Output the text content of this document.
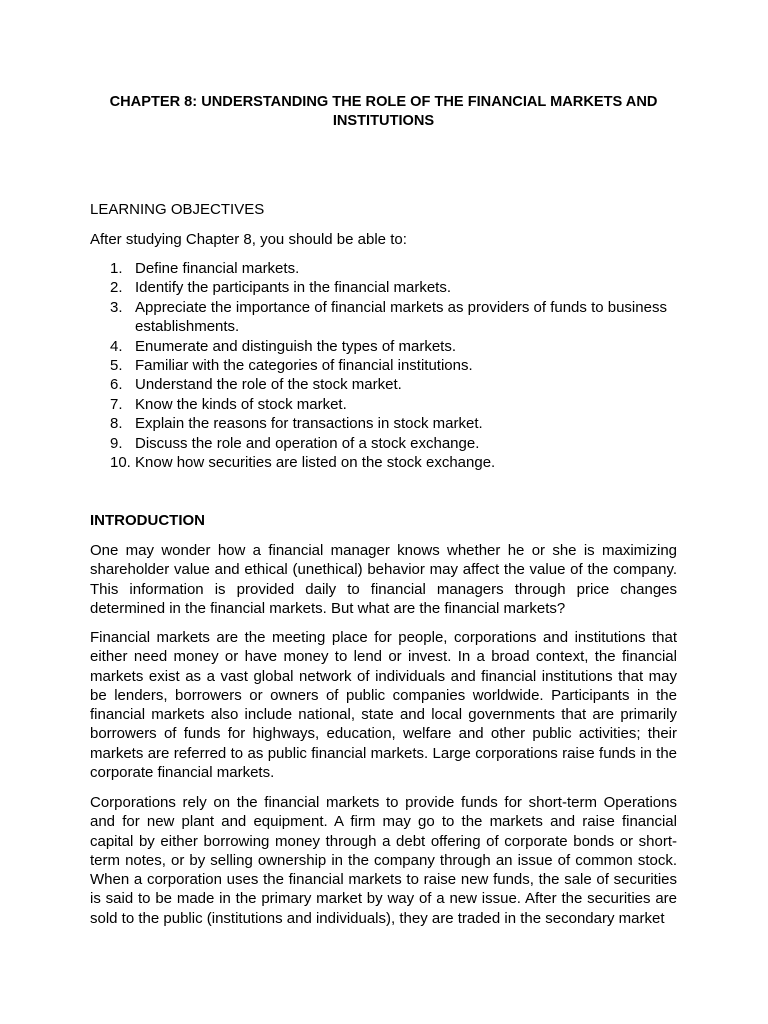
CHAPTER 8: UNDERSTANDING THE ROLE OF THE FINANCIAL MARKETS AND INSTITUTIONS
LEARNING OBJECTIVES
After studying Chapter 8, you should be able to:
1. Define financial markets.
2. Identify the participants in the financial markets.
3. Appreciate the importance of financial markets as providers of funds to business establishments.
4. Enumerate and distinguish the types of markets.
5. Familiar with the categories of financial institutions.
6. Understand the role of the stock market.
7. Know the kinds of stock market.
8. Explain the reasons for transactions in stock market.
9. Discuss the role and operation of a stock exchange.
10. Know how securities are listed on the stock exchange.
INTRODUCTION

One may wonder how a financial manager knows whether he or she is maximizing shareholder value and ethical (unethical) behavior may affect the value of the company. This information is provided daily to financial managers through price changes determined in the financial markets. But what are the financial markets?

Financial markets are the meeting place for people, corporations and institutions that either need money or have money to lend or invest. In a broad context, the financial markets exist as a vast global network of individuals and financial institutions that may be lenders, borrowers or owners of public companies worldwide. Participants in the financial markets also include national, state and local governments that are primarily borrowers of funds for highways, education, welfare and other public activities; their markets are referred to as public financial markets. Large corporations raise funds in the corporate financial markets.

Corporations rely on the financial markets to provide funds for short-term Operations and for new plant and equipment. A firm may go to the markets and raise financial capital by either borrowing money through a debt offering of corporate bonds or short-term notes, or by selling ownership in the company through an issue of common stock. When a corporation uses the financial markets to raise new funds, the sale of securities is said to be made in the primary market by way of a new issue. After the securities are sold to the public (institutions and individuals), they are traded in the secondary market
